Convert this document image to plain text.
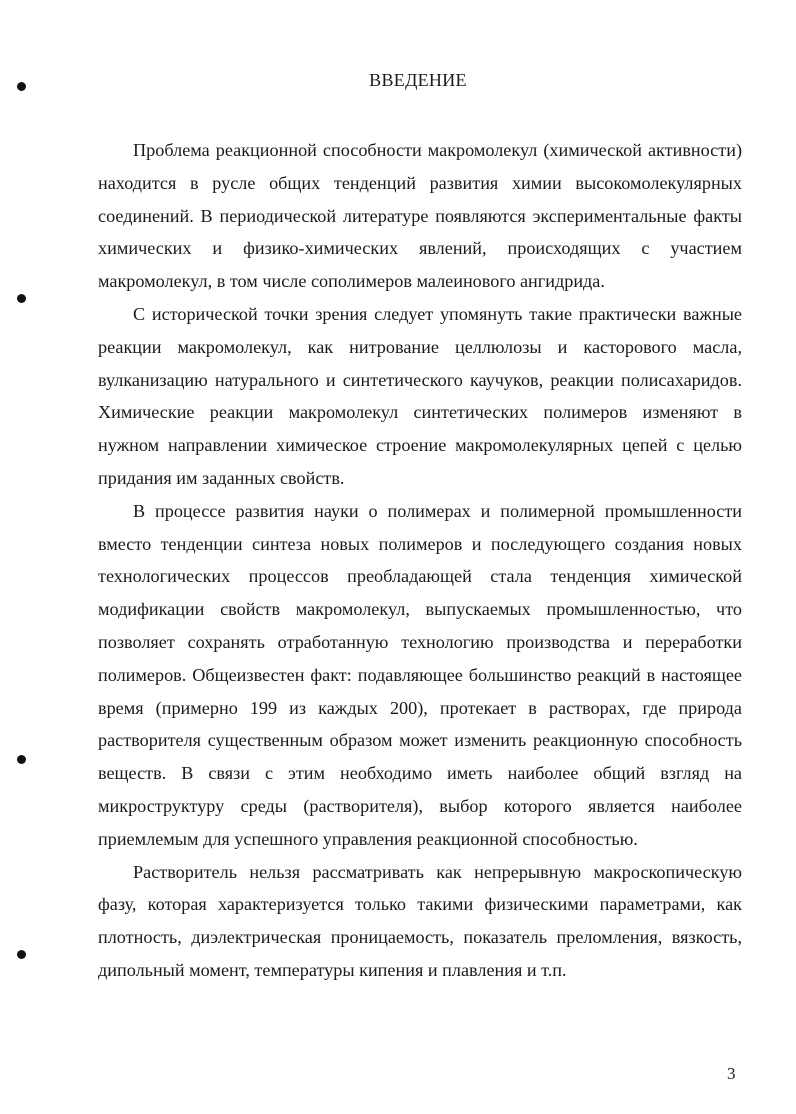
ВВЕДЕНИЕ

Проблема реакционной способности макромолекул (химической активности) находится в русле общих тенденций развития химии высокомолекулярных соединений. В периодической литературе появляются экспериментальные факты химических и физико-химических явлений, происходящих с участием макромолекул, в том числе сополимеров малеинового ангидрида.

С исторической точки зрения следует упомянуть такие практически важные реакции макромолекул, как нитрование целлюлозы и касторового масла, вулканизацию натурального и синтетического каучуков, реакции полисахаридов. Химические реакции макромолекул синтетических полимеров изменяют в нужном направлении химическое строение макромолекулярных цепей с целью придания им заданных свойств.

В процессе развития науки о полимерах и полимерной промышленности вместо тенденции синтеза новых полимеров и последующего создания новых технологических процессов преобладающей стала тенденция химической модификации свойств макромолекул, выпускаемых промышленностью, что позволяет сохранять отработанную технологию производства и переработки полимеров. Общеизвестен факт: подавляющее большинство реакций в настоящее время (примерно 199 из каждых 200), протекает в растворах, где природа растворителя существенным образом может изменить реакционную способность веществ. В связи с этим необходимо иметь наиболее общий взгляд на микроструктуру среды (растворителя), выбор которого является наиболее приемлемым для успешного управления реакционной способностью.

Растворитель нельзя рассматривать как непрерывную макроскопическую фазу, которая характеризуется только такими физическими параметрами, как плотность, диэлектрическая проницаемость, показатель преломления, вязкость, дипольный момент, температуры кипения и плавления и т.п.

3
